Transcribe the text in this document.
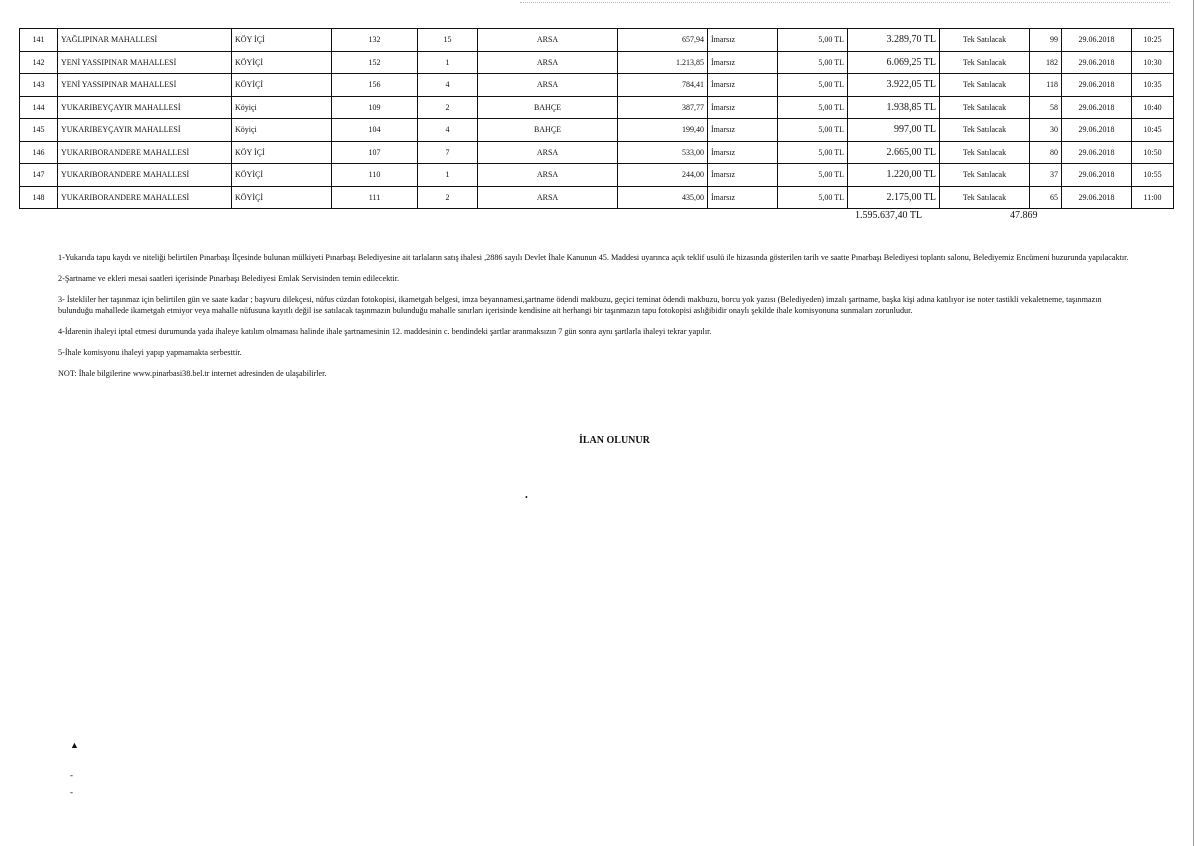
141	YAĞLIPINAR MAHALLESİ	KÖY İÇİ	132	15	ARSA	657,94	İmarsız	5,00 TL	3.289,70 TL	Tek Satılacak	99	29.06.2018	10:25
142	YENİ YASSIPINAR MAHALLESİ	KÖYİÇİ	152	1	ARSA	1.213,85	İmarsız	5,00 TL	6.069,25 TL	Tek Satılacak	182	29.06.2018	10:30
143	YENİ YASSIPINAR MAHALLESİ	KÖYİÇİ	156	4	ARSA	784,41	İmarsız	5,00 TL	3.922,05 TL	Tek Satılacak	118	29.06.2018	10:35
144	YUKARIBEYÇAYIR MAHALLESİ	Köyiçi	109	2	BAHÇE	387,77	İmarsız	5,00 TL	1.938,85 TL	Tek Satılacak	58	29.06.2018	10:40
145	YUKARIBEYÇAYIR MAHALLESİ	Köyiçi	104	4	BAHÇE	199,40	İmarsız	5,00 TL	997,00 TL	Tek Satılacak	30	29.06.2018	10:45
146	YUKARIBORANDERE MAHALLESİ	KÖY İÇİ	107	7	ARSA	533,00	İmarsız	5,00 TL	2.665,00 TL	Tek Satılacak	80	29.06.2018	10:50
147	YUKARIBORANDERE MAHALLESİ	KÖYİÇİ	110	1	ARSA	244,00	İmarsız	5,00 TL	1.220,00 TL	Tek Satılacak	37	29.06.2018	10:55
148	YUKARIBORANDERE MAHALLESİ	KÖYİÇİ	111	2	ARSA	435,00	İmarsız	5,00 TL	2.175,00 TL	Tek Satılacak	65	29.06.2018	11:00
1.595.637,40 TL	47.869

1-Yukarıda tapu kaydı ve niteliği belirtilen Pınarbaşı İlçesinde bulunan mülkiyeti Pınarbaşı Belediyesine ait tarlaların satış ihalesi ,2886 sayılı Devlet İhale Kanunun 45. Maddesi uyarınca açık teklif usulü ile hizasında gösterilen tarih ve saatte Pınarbaşı Belediyesi toplantı salonu, Belediyemiz Encümeni huzurunda yapılacaktır.

2-Şartname ve ekleri mesai saatleri içerisinde Pınarbaşı Belediyesi Emlak Servisinden temin edilecektir.

3- İstekliler her taşınmaz için belirtilen gün ve saate kadar ; başvuru dilekçesi, nüfus cüzdan fotokopisi, ikametgah belgesi, imza beyannamesi,şartname ödendi makbuzu, geçici teminat ödendi makbuzu, borcu yok yazısı (Belediyeden) imzalı şartname, başka kişi adına katılıyor ise noter tastikli vekaletneme, taşınmazın bulunduğu mahallede ikametgah etmiyor veya mahalle nüfusuna kayıtlı değil ise satılacak taşınmazın bulunduğu mahalle sınırları içerisinde kendisine ait herhangi bir taşınmazın tapu fotokopisi aslığibidir onaylı şekilde ihale komisyonuna sunmaları zorunludur.

4-İdarenin ihaleyi iptal etmesi durumunda yada ihaleye katılım olmaması halinde ihale şartnamesinin 12. maddesinin c. bendindeki şartlar aranmaksızın 7 gün sonra aynı şartlarla ihaleyi tekrar yapılır.

5-İhale komisyonu ihaleyi yapıp yapmamakta serbesttir.

NOT: İhale bilgilerine www.pinarbasi38.bel.tr internet adresinden de ulaşabilirler.

İLAN OLUNUR
•
▲
-
-
